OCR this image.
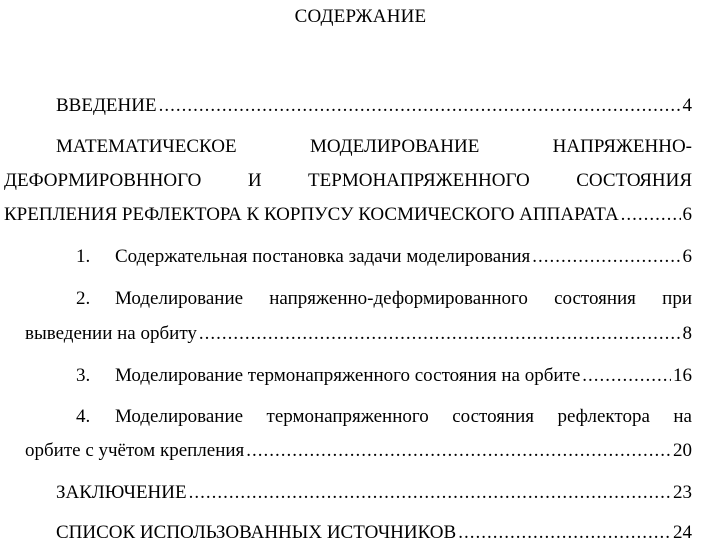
СОДЕРЖАНИЕ
ВВЕДЕНИЕ .....	4
МАТЕМАТИЧЕСКОЕ	МОДЕЛИРОВАНИЕ	НАПРЯЖЕННО-
ДЕФОРМИРОВННОГО И ТЕРМОНАПРЯЖЕННОГО СОСТОЯНИЯ
КРЕПЛЕНИЯ РЕФЛЕКТОРА К КОРПУСУ КОСМИЧЕСКОГО АППАРАТА .....	6
1. Содержательная постановка задачи моделирования .....	6
2. Моделирование напряженно-деформированного состояния при
выведении на орбиту .....	8
3. Моделирование термонапряженного состояния на орбите .....	16
4. Моделирование термонапряженного состояния рефлектора на
орбите с учётом крепления .....	20
ЗАКЛЮЧЕНИЕ .....	23
СПИСОК ИСПОЛЬЗОВАННЫХ ИСТОЧНИКОВ .....	24
